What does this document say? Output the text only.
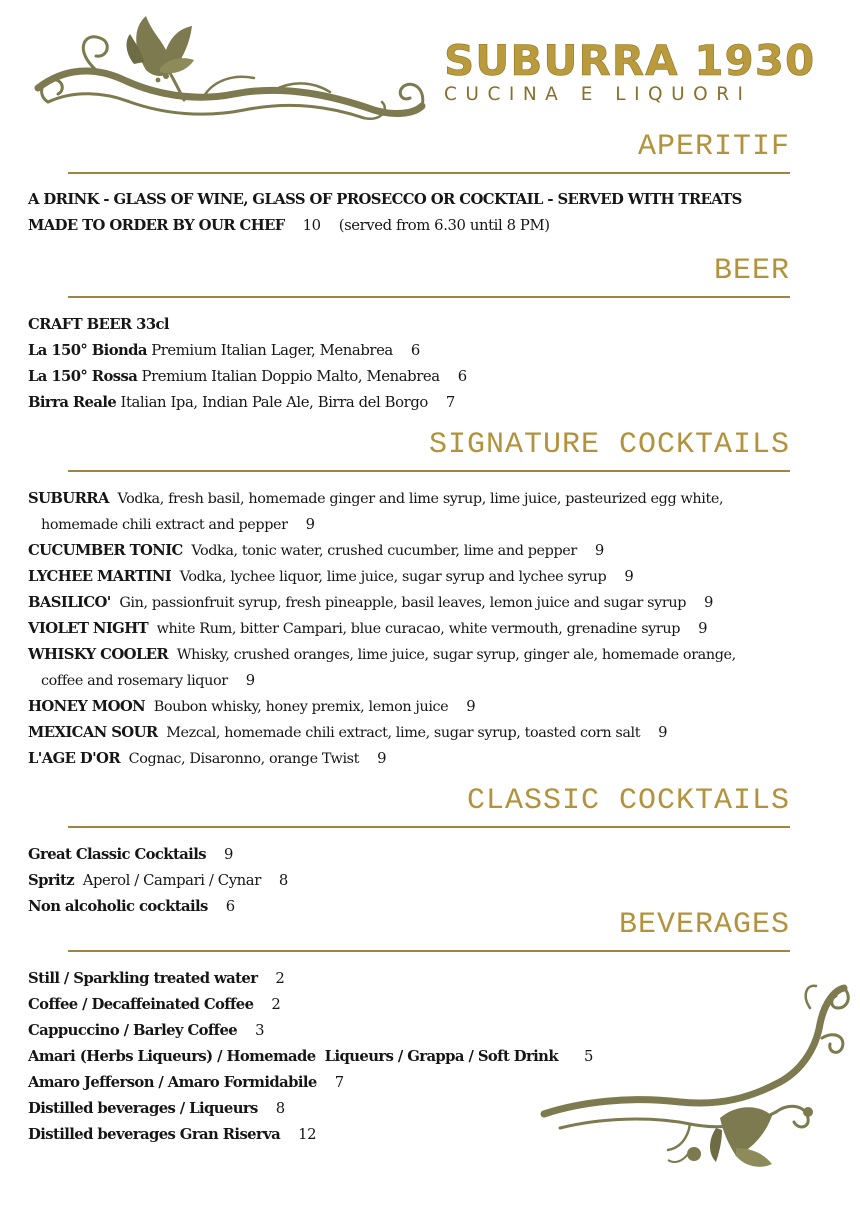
SUBURRA 1930
CUCINA E LIQUORI
APERITIF
A DRINK - GLASS OF WINE, GLASS OF PROSECCO OR COCKTAIL - SERVED WITH TREATS
MADE TO ORDER BY OUR CHEF 10 (served from 6.30 until 8 PM)
BEER
CRAFT BEER 33cl
La 150° Bionda Premium Italian Lager, Menabrea 6
La 150° Rossa Premium Italian Doppio Malto, Menabrea 6
Birra Reale Italian Ipa, Indian Pale Ale, Birra del Borgo 7
SIGNATURE COCKTAILS
SUBURRA Vodka, fresh basil, homemade ginger and lime syrup, lime juice, pasteurized egg white,
homemade chili extract and pepper 9
CUCUMBER TONIC Vodka, tonic water, crushed cucumber, lime and pepper 9
LYCHEE MARTINI Vodka, lychee liquor, lime juice, sugar syrup and lychee syrup 9
BASILICO' Gin, passionfruit syrup, fresh pineapple, basil leaves, lemon juice and sugar syrup 9
VIOLET NIGHT white Rum, bitter Campari, blue curacao, white vermouth, grenadine syrup 9
WHISKY COOLER Whisky, crushed oranges, lime juice, sugar syrup, ginger ale, homemade orange,
coffee and rosemary liquor 9
HONEY MOON Boubon whisky, honey premix, lemon juice 9
MEXICAN SOUR Mezcal, homemade chili extract, lime, sugar syrup, toasted corn salt 9
L'AGE D'OR Cognac, Disaronno, orange Twist 9
CLASSIC COCKTAILS
Great Classic Cocktails 9
Spritz Aperol / Campari / Cynar 8
Non alcoholic cocktails 6
BEVERAGES
Still / Sparkling treated water 2
Coffee / Decaffeinated Coffee 2
Cappuccino / Barley Coffee 3
Amari (Herbs Liqueurs) / Homemade  Liqueurs / Grappa / Soft Drink 5
Amaro Jefferson / Amaro Formidabile 7
Distilled beverages / Liqueurs 8
Distilled beverages Gran Riserva 12
